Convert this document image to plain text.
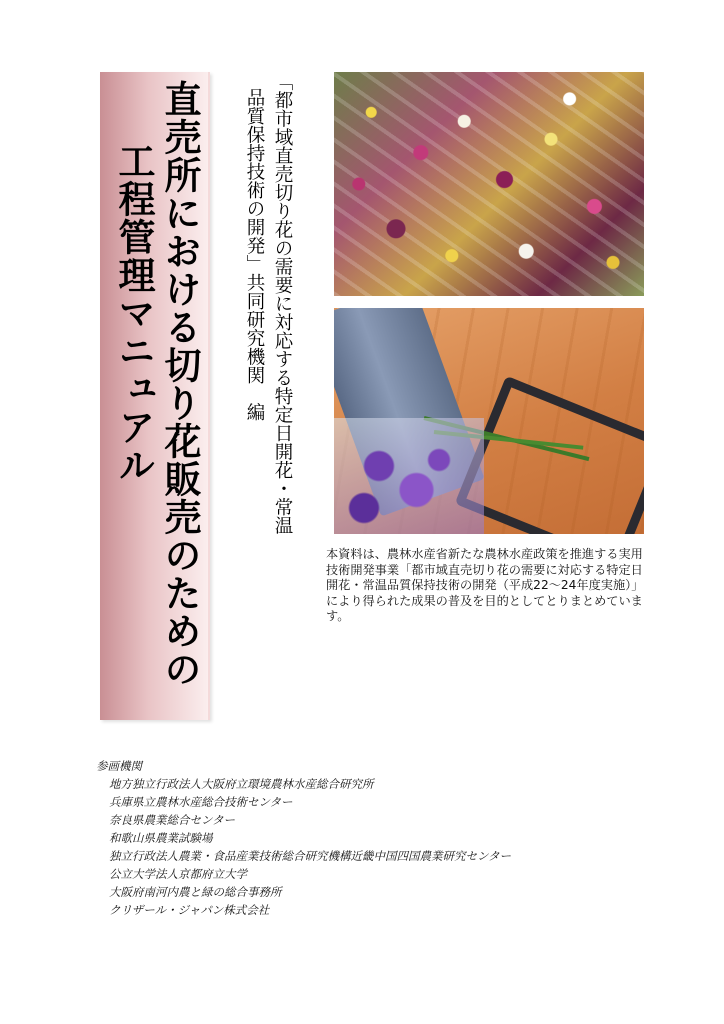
直売所における切り花販売のための
工程管理マニュアル	「都市域直売切り花の需要に対応する特定日開花・常温
品質保持技術の開発」共同研究機関　編
本資料は、農林水産省新たな農林水産政策を推進する実用技術開発事業「都市域直売切り花の需要に対応する特定日開花・常温品質保持技術の開発（平成22～24年度実施）」により得られた成果の普及を目的としてとりまとめています。

参画機関

地方独立行政法人大阪府立環境農林水産総合研究所
兵庫県立農林水産総合技術センター
奈良県農業総合センター
和歌山県農業試験場
独立行政法人農業・食品産業技術総合研究機構近畿中国四国農業研究センター
公立大学法人京都府立大学
大阪府南河内農と緑の総合事務所
クリザール・ジャパン株式会社
